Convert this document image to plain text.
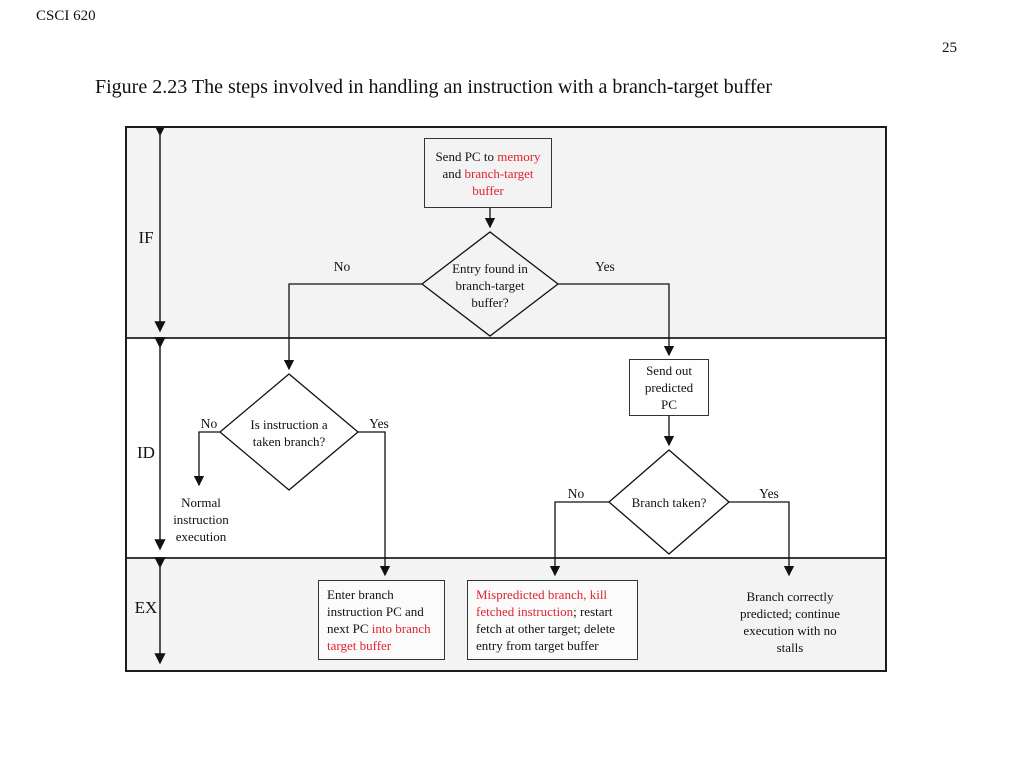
CSCI 620
25
Figure 2.23 The steps involved in handling an instruction with a branch-target buffer
IF
ID
EX
Send PC to memory
and branch-target
buffer
Send out
predicted
PC
Enter branch
instruction PC and
next PC into branch
target buffer
Mispredicted branch, kill
fetched instruction; restart
fetch at other target; delete
entry from target buffer
Entry found in
branch-target
buffer?
Is instruction a
taken branch?
Branch taken?
Normal
instruction
execution
Branch correctly
predicted; continue
execution with no
stalls
No	Yes
No	Yes
No	Yes
